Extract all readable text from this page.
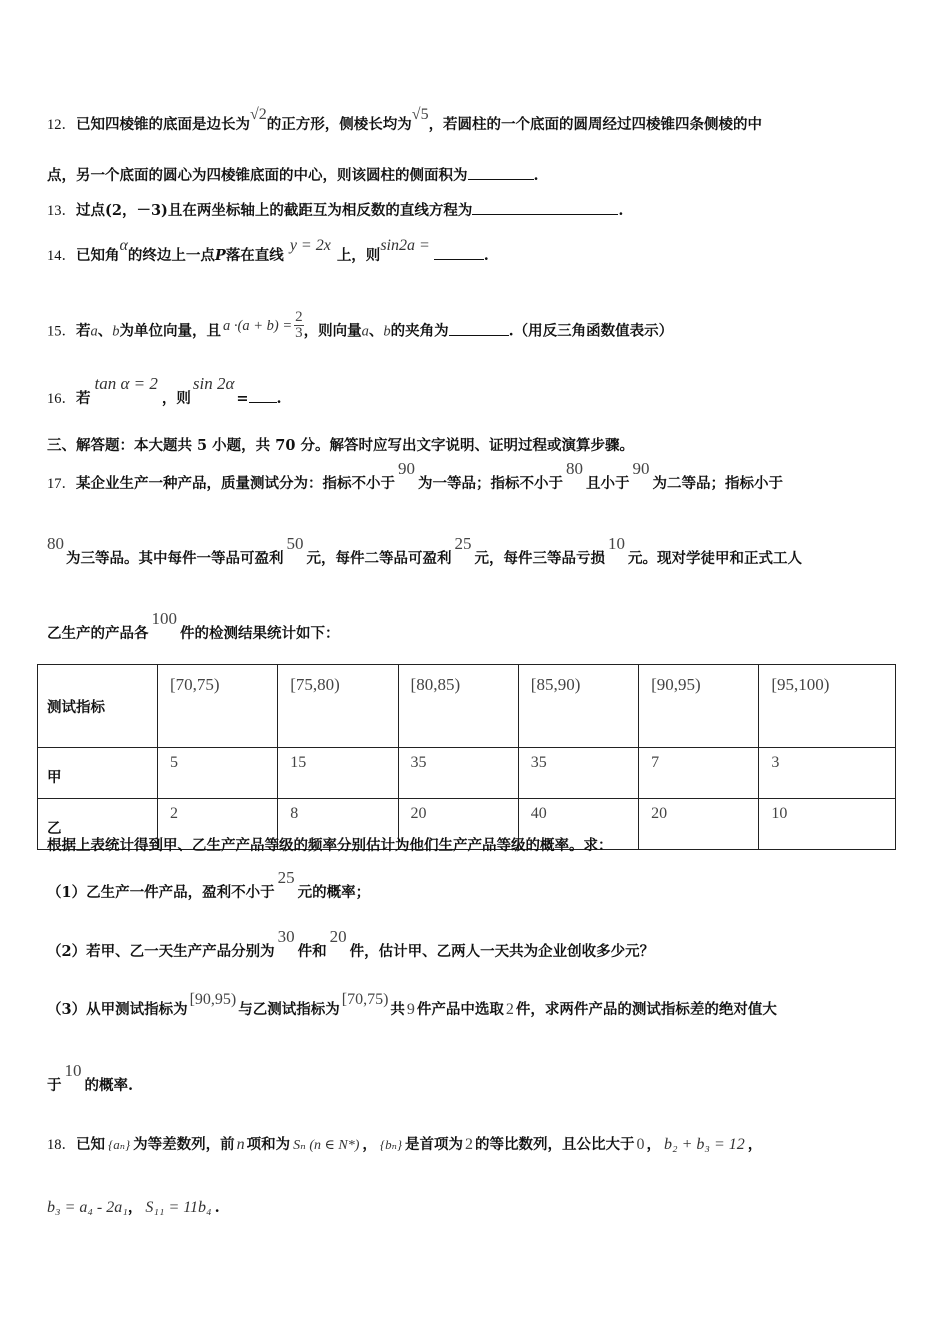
12．已知四棱锥的底面是边长为√2的正方形，侧棱长均为√5，若圆柱的一个底面的圆周经过四棱锥四条侧棱的中
点，另一个底面的圆心为四棱锥底面的中心，则该圆柱的侧面积为	.
13．过点(2，－3)且在两坐标轴上的截距互为相反数的直线方程为	.
14．已知角α的终边上一点P落在直线y = 2x上，则sin2a =.
15．若a、b为单位向量，且 $a \cdot(a + b) = \frac{2}{3}$ ，则向量a、b的夹角为	.（用反三角函数值表示）
16．若tan α = 2，则sin 2α= .
三、解答题：本大题共 5 小题，共 70 分。解答时应写出文字说明、证明过程或演算步骤。
17．某企业生产一种产品，质量测试分为：指标不小于90为一等品；指标不小于80且小于90为二等品；指标小于
80为三等品。其中每件一等品可盈利50元，每件二等品可盈利25元，每件三等品亏损10元。现对学徒甲和正式工人
乙生产的产品各100件的检测结果统计如下：
测试指标	[70,75)	[75,80)	[80,85)	[85,90)	[90,95)	[95,100)
甲	5	15	35	35	7	3
乙	2	8	20	40	20	10
根据上表统计得到甲、乙生产产品等级的频率分别估计为他们生产产品等级的概率。求：
（1）乙生产一件产品，盈利不小于25元的概率；
（2）若甲、乙一天生产产品分别为30件和20件，估计甲、乙两人一天共为企业创收多少元？
（3）从甲测试指标为[90,95)与乙测试指标为[70,75)共 9 件产品中选取 2 件，求两件产品的测试指标差的绝对值大
于10的概率.
18．已知 {aₙ} 为等差数列，前 n 项和为 Sₙ (n ∈ N*) ， {bₙ} 是首项为 2 的等比数列，且公比大于 0 ， b₂ + b₃ = 12 ，
b₃ = a₄ - 2a₁， S₁₁ = 11b₄ .
